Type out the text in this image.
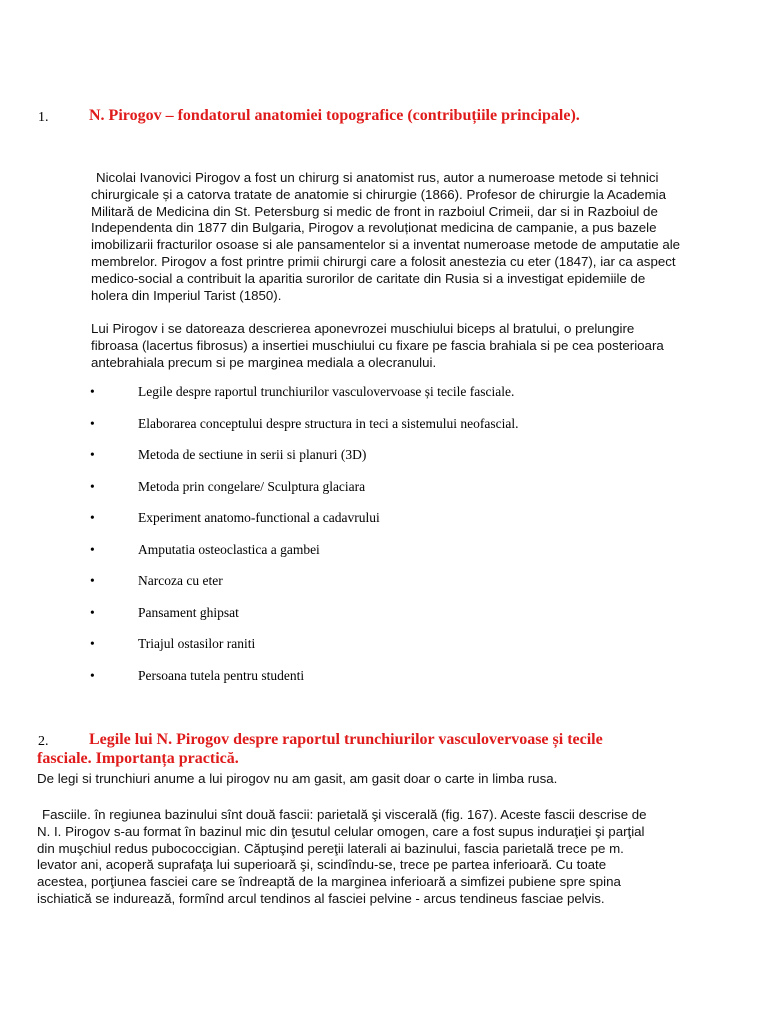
1.	N. Pirogov – fondatorul anatomiei topografice (contribuțiile principale).

Nicolai Ivanovici Pirogov a fost un chirurg si anatomist rus, autor a numeroase metode si tehnici chirurgicale și a catorva tratate de anatomie si chirurgie (1866). Profesor de chirurgie la Academia Militară de Medicina din St. Petersburg si medic de front in razboiul Crimeii, dar si in Razboiul de Independenta din 1877 din Bulgaria, Pirogov a revoluționat medicina de campanie, a pus bazele imobilizarii fracturilor osoase si ale pansamentelor si a inventat numeroase metode de amputatie ale membrelor. Pirogov a fost printre primii chirurgi care a folosit anestezia cu eter (1847), iar ca aspect medico-social a contribuit la aparitia surorilor de caritate din Rusia si a investigat epidemiile de holera din Imperiul Tarist (1850).

Lui Pirogov i se datoreaza descrierea aponevrozei muschiului biceps al bratului, o prelungire fibroasa (lacertus fibrosus) a insertiei muschiului cu fixare pe fascia brahiala si pe cea posterioara antebrahiala precum si pe marginea mediala a olecranului.

•	Legile despre raportul trunchiurilor vasculovervoase și tecile fasciale.
•	Elaborarea conceptului despre structura in teci a sistemului neofascial.
•	Metoda de sectiune in serii si planuri (3D)
•	Metoda prin congelare/ Sculptura glaciara
•	Experiment anatomo-functional a cadavrului
•	Amputatia osteoclastica a gambei
•	Narcoza cu eter
•	Pansament ghipsat
•	Triajul ostasilor raniti
•	Persoana tutela pentru studenti
2.	Legile lui N. Pirogov despre raportul trunchiurilor vasculovervoase și tecile
fasciale. Importanța practică.

De legi si trunchiuri anume a lui pirogov nu am gasit, am gasit doar o carte in limba rusa.

Fasciile. în regiunea bazinului sînt două fascii: parietală şi viscerală (fig. 167). Aceste fascii descrise de N. I. Pirogov s-au format în bazinul mic din ţesutul celular omogen, care a fost supus induraţiei şi parţial din muşchiul redus pubococcigian. Căptuşind pereţii laterali ai bazinului, fascia parietală trece pe m. levator ani, acoperă suprafaţa lui superioară şi, scindîndu-se, trece pe partea inferioară. Cu toate acestea, porţiunea fasciei care se îndreaptă de la marginea inferioară a simfizei pubiene spre spina ischiatică se indurează, formînd arcul tendinos al fasciei pelvine - arcus tendineus fasciae pelvis.
